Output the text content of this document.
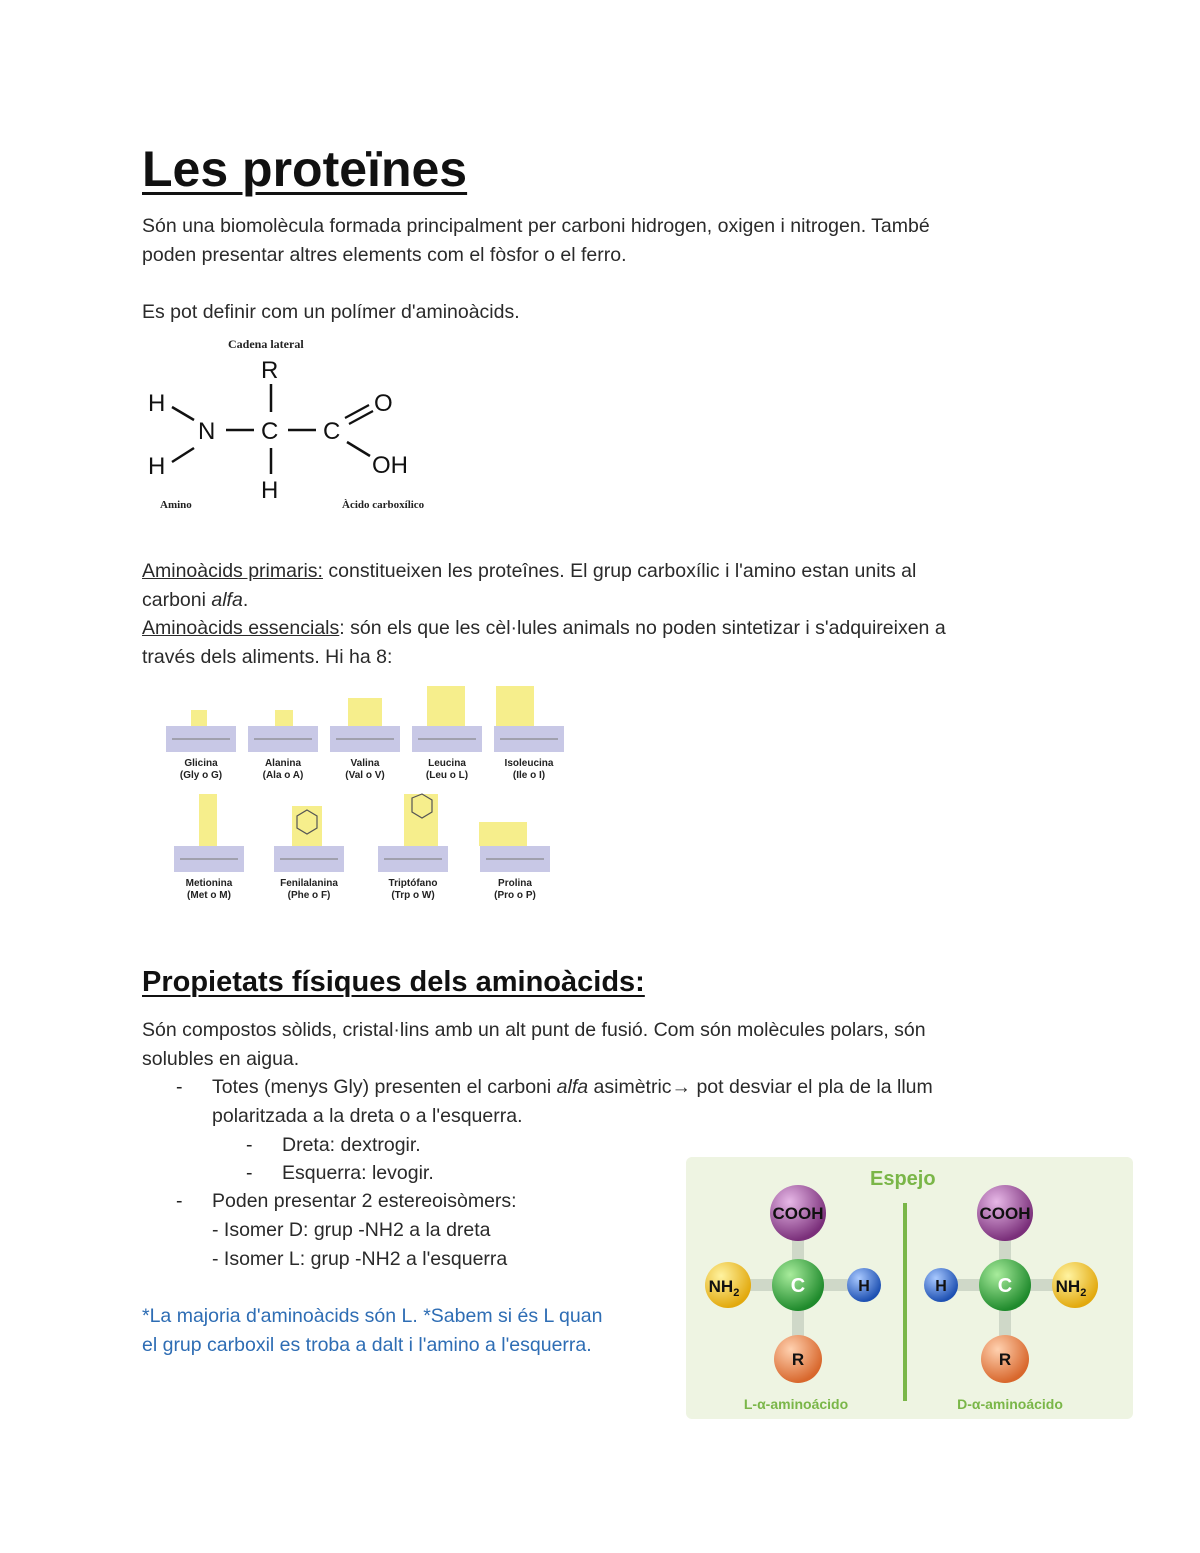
Les proteïnes
Són una biomolècula formada principalment per carboni hidrogen, oxigen i nitrogen. També
poden presentar altres elements com el fòsfor o el ferro.
Es pot definir com un polímer d'aminoàcids.
Cadena lateral
R
H
H
N C C
O
OH
H
Amino	Àcido carboxílico
Aminoàcids primaris: constitueixen les proteînes. El grup carboxílic i l'amino estan units al
carboni alfa.
Aminoàcids essencials: són els que les cèl·lules animals no poden sintetizar i s'adquireixen a
través dels aliments. Hi ha 8:
Glicina
(Gly o G)
Alanina
(Ala o A)
Valina
(Val o V)
Leucina
(Leu o L)
Isoleucina
(Ile o I)
Metionina
(Met o M)
Fenilalanina
(Phe o F)
Triptófano
(Trp o W)
Prolina
(Pro o P)
Propietats físiques dels aminoàcids:
Són compostos sòlids, cristal·lins amb un alt punt de fusió. Com són molècules polars, són
solubles en aigua.
- Totes (menys Gly) presenten el carboni alfa asimètric→ pot desviar el pla de la llum
polaritzada a la dreta o a l'esquerra.
- Dreta: dextrogir.
- Esquerra: levogir.
- Poden presentar 2 estereoisòmers:
- Isomer D: grup -NH2 a la dreta
- Isomer L: grup -NH2 a l'esquerra
*La majoria d'aminoàcids són L. *Sabem si és L quan
el grup carboxil es troba a dalt i l'amino a l'esquerra.
Espejo
COOH
C
$NH_2$	H
R
L-α-aminoácido
COOH
C
H	$NH_2$
R
D-α-aminoácido
